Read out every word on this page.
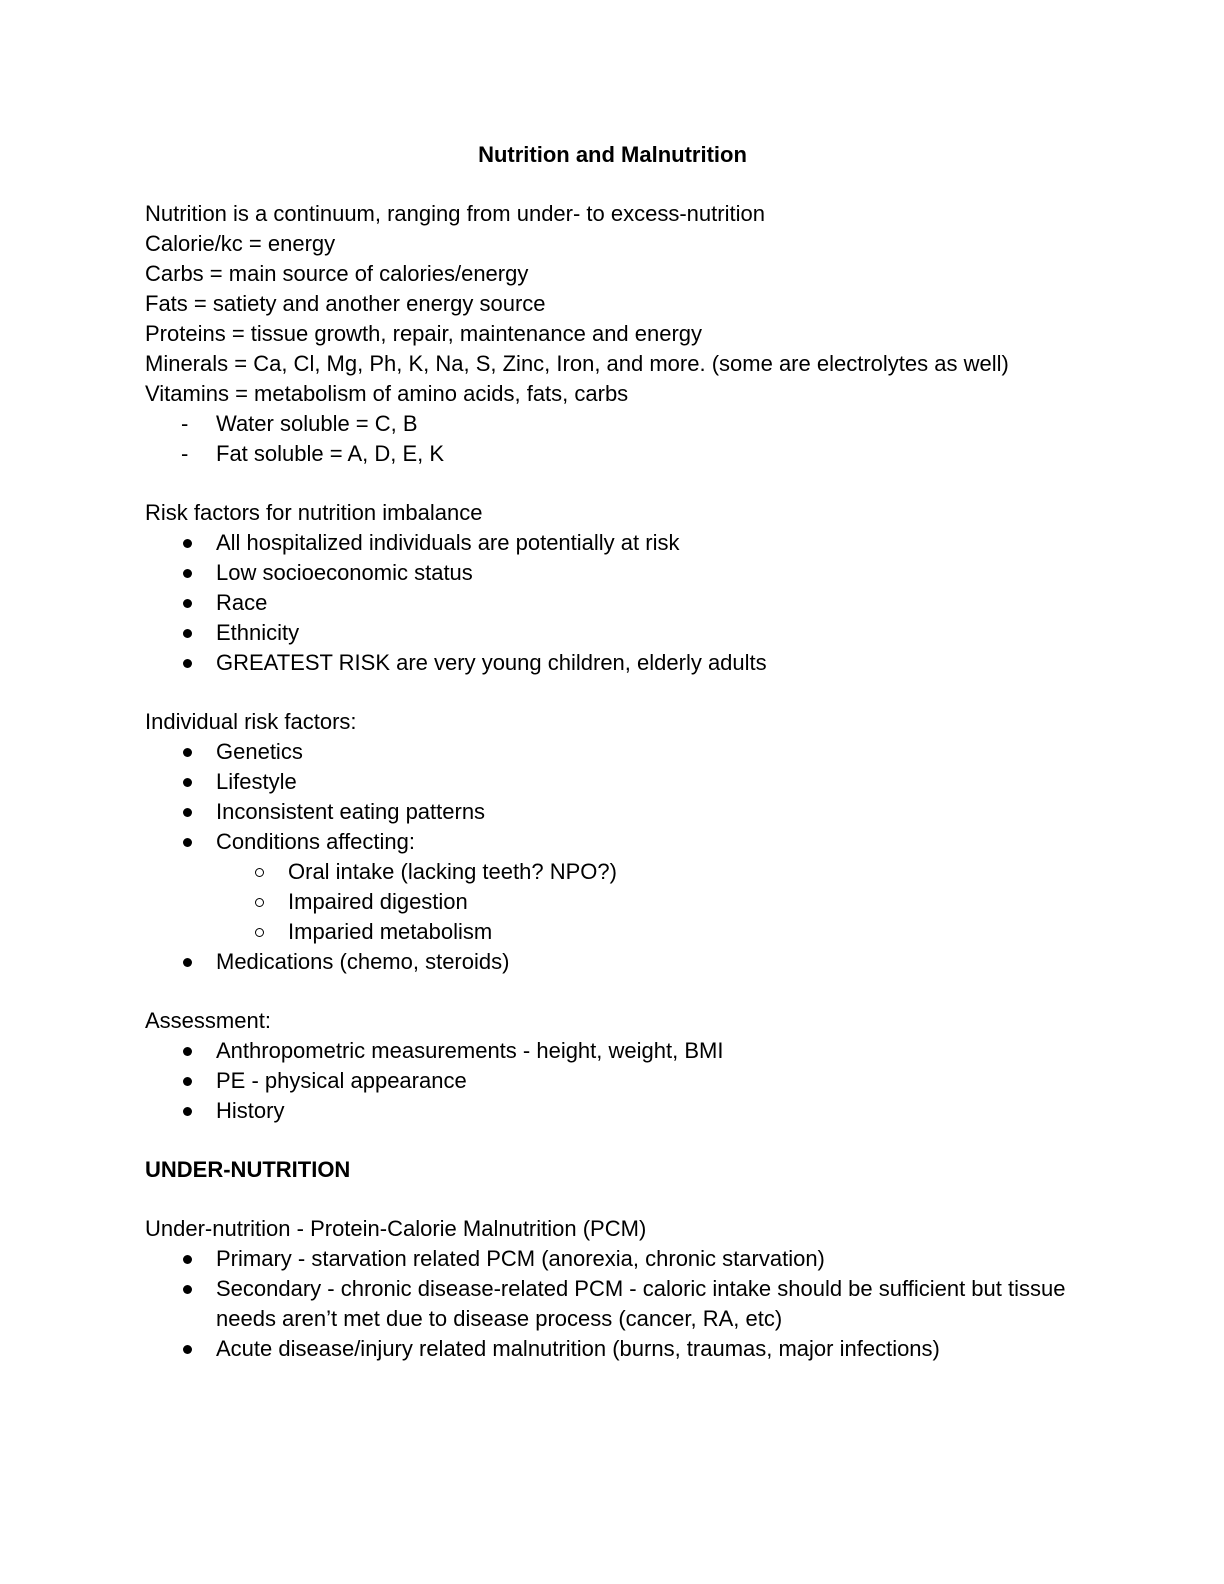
Nutrition and Malnutrition
Nutrition is a continuum, ranging from under- to excess-nutrition
Calorie/kc = energy
Carbs = main source of calories/energy
Fats = satiety and another energy source
Proteins = tissue growth, repair, maintenance and energy
Minerals = Ca, Cl, Mg, Ph, K, Na, S, Zinc, Iron, and more. (some are electrolytes as well)
Vitamins = metabolism of amino acids, fats, carbs
-
Water soluble = C, B
-
Fat soluble = A, D, E, K
Risk factors for nutrition imbalance
All hospitalized individuals are potentially at risk
Low socioeconomic status
Race
Ethnicity
GREATEST RISK are very young children, elderly adults
Individual risk factors:
Genetics
Lifestyle
Inconsistent eating patterns
Conditions affecting:
Oral intake (lacking teeth? NPO?)
Impaired digestion
Imparied metabolism
Medications (chemo, steroids)
Assessment:
Anthropometric measurements - height, weight, BMI
PE - physical appearance
History
UNDER-NUTRITION
Under-nutrition - Protein-Calorie Malnutrition (PCM)
Primary - starvation related PCM (anorexia, chronic starvation)
Secondary - chronic disease-related PCM - caloric intake should be sufficient but tissue needs aren’t met due to disease process (cancer, RA, etc)
Acute disease/injury related malnutrition (burns, traumas, major infections)
